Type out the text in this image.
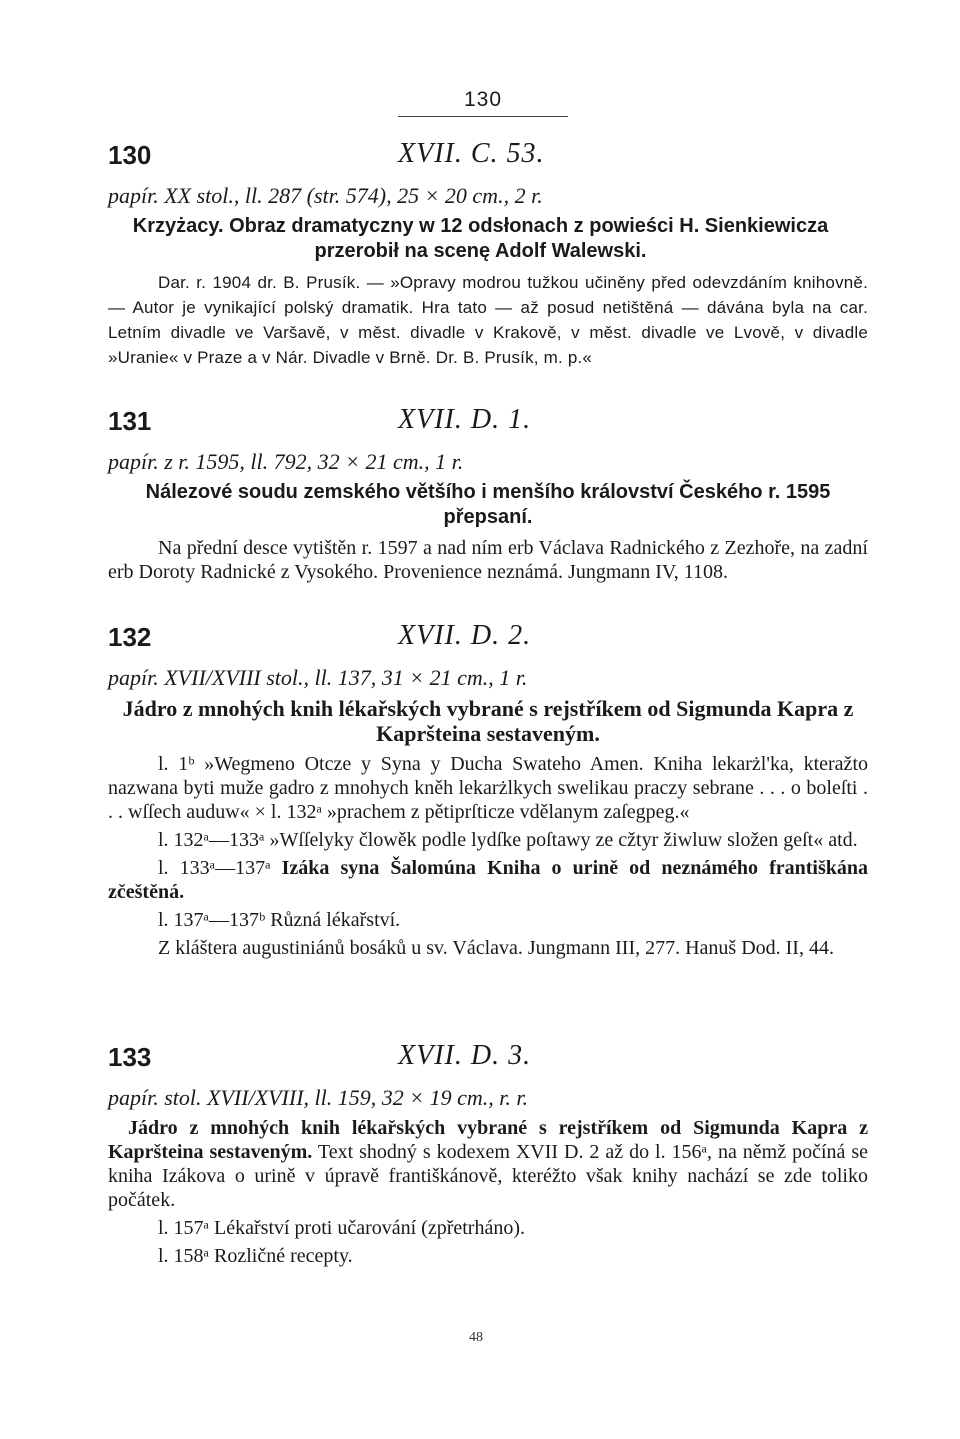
130
130	XVII. C. 53.
papír. XX stol., ll. 287 (str. 574), 25 × 20 cm., 2 r.
Krzyżacy. Obraz dramatyczny w 12 odsłonach z powieści H. Sienkiewicza przerobił na scenę Adolf Walewski.
Dar. r. 1904 dr. B. Prusík. — »Opravy modrou tužkou učiněny před odevzdáním knihovně. — Autor je vynikající polský dramatik. Hra tato — až posud netištěná — dávána byla na car. Letním divadle ve Varšavě, v měst. divadle v Krakově, v měst. divadle ve Lvově, v divadle »Uranie« v Praze a v Nár. Divadle v Brně. Dr. B. Prusík, m. p.«
131	XVII. D. 1.
papír. z r. 1595, ll. 792, 32 × 21 cm., 1 r.
Nálezové soudu zemského většího i menšího království Českého r. 1595 přepsaní.
Na přední desce vytištěn r. 1597 a nad ním erb Václava Radnického z Zezhoře, na zadní erb Doroty Radnické z Vysokého. Provenience neznámá. Jungmann IV, 1108.
132	XVII. D. 2.
papír. XVII/XVIII stol., ll. 137, 31 × 21 cm., 1 r.
Jádro z mnohých knih lékařských vybrané s rejstříkem od Sigmunda Kapra z Kapršteina sestaveným.

l. 1ᵇ »Wegmeno Otcze y Syna y Ducha Swateho Amen. Kniha lekarżl'ka, kteražto nazwana byti muže gadro z mnohych kněh lekarżlkych swelikau praczy sebrane . . . o boleſti . . . wſſech auduw« × l. 132ᵃ »prachem z pětiprſticze vdělanym zaſegpeg.«

l. 132ᵃ—133ᵃ »Wſſelyky člowěk podle lydſke poſtawy ze cžtyr žiwluw složen geſt« atd.

l. 133ᵃ—137ᵃ Izáka syna Šalomúna Kniha o urině od neznámého františkána zčeštěná.

l. 137ᵃ—137ᵇ Různá lékařství.

Z kláštera augustiniánů bosáků u sv. Václava. Jungmann III, 277. Hanuš Dod. II, 44.

133	XVII. D. 3.
papír. stol. XVII/XVIII, ll. 159, 32 × 19 cm., r. r.
Jádro z mnohých knih lékařských vybrané s rejstříkem od Sigmunda Kapra z Kapršteina sestaveným. Text shodný s kodexem XVII D. 2 až do l. 156ᵃ, na němž počíná se kniha Izákova o urině v úpravě františkánově, kteréžto však knihy nachází se zde toliko počátek.

l. 157ᵃ Lékařství proti učarování (zpřetrháno).

l. 158ᵃ Rozličné recepty.

48
